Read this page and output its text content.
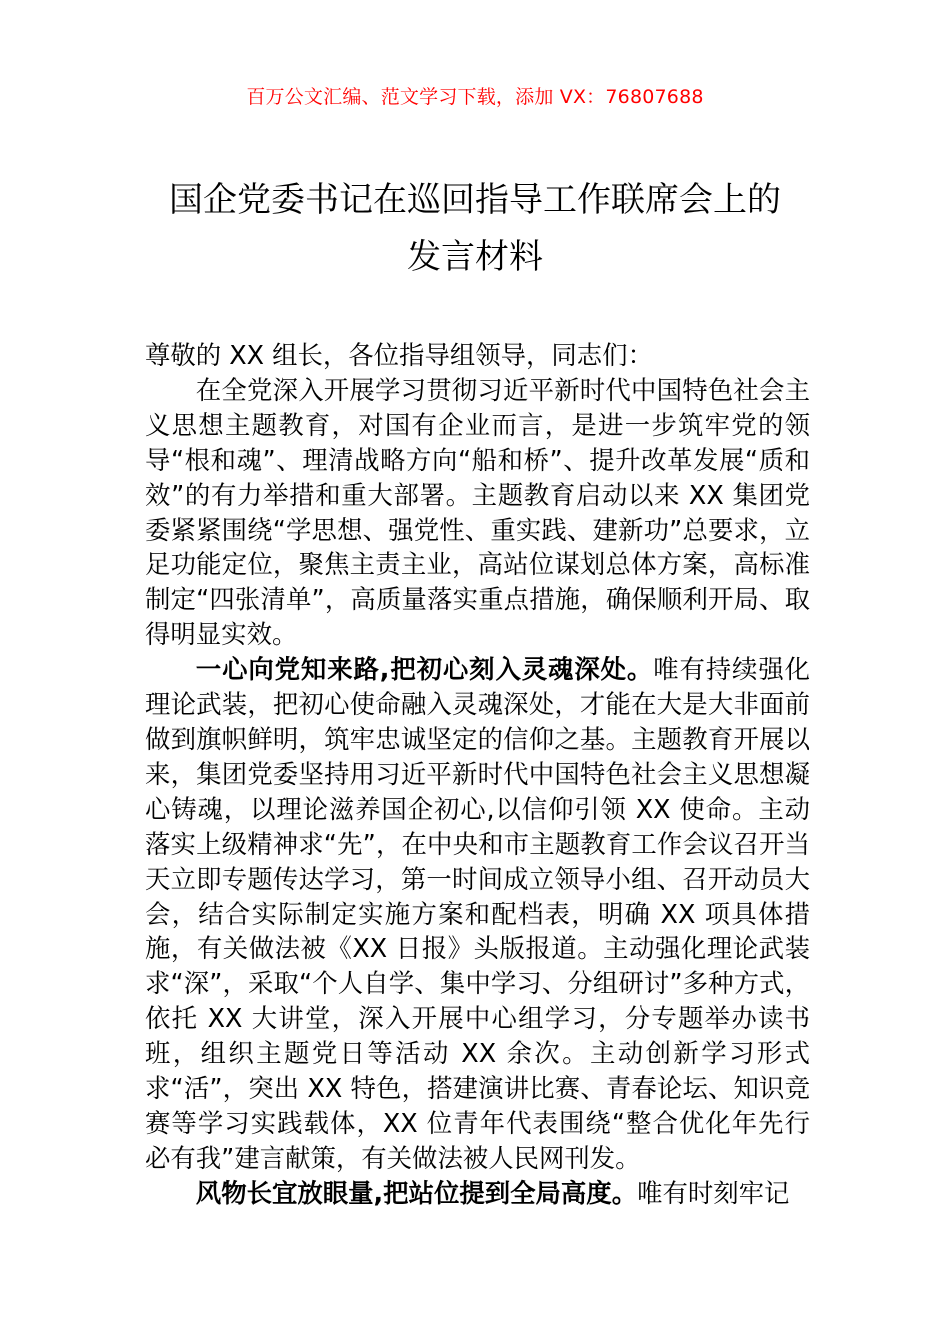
百万公文汇编、范文学习下载，添加 VX：76807688
国企党委书记在巡回指导工作联席会上的
发言材料

尊敬的 XX 组长，各位指导组领导，同志们：

在全党深入开展学习贯彻习近平新时代中国特色社会主义思想主题教育，对国有企业而言，是进一步筑牢党的领导“根和魂”、理清战略方向“船和桥”、提升改革发展“质和效”的有力举措和重大部署。主题教育启动以来 XX 集团党委紧紧围绕“学思想、强党性、重实践、建新功”总要求，立足功能定位，聚焦主责主业，高站位谋划总体方案，高标准制定“四张清单”，高质量落实重点措施，确保顺利开局、取得明显实效。

一心向党知来路,把初心刻入灵魂深处。唯有持续强化理论武装，把初心使命融入灵魂深处，才能在大是大非面前做到旗帜鲜明，筑牢忠诚坚定的信仰之基。主题教育开展以来，集团党委坚持用习近平新时代中国特色社会主义思想凝心铸魂，以理论滋养国企初心,以信仰引领 XX 使命。主动落实上级精神求“先”，在中央和市主题教育工作会议召开当天立即专题传达学习，第一时间成立领导小组、召开动员大会，结合实际制定实施方案和配档表，明确 XX 项具体措施，有关做法被《XX 日报》头版报道。主动强化理论武装求“深”，采取“个人自学、集中学习、分组研讨”多种方式，依托 XX 大讲堂，深入开展中心组学习，分专题举办读书班，组织主题党日等活动 XX 余次。主动创新学习形式求“活”，突出 XX 特色，搭建演讲比赛、青春论坛、知识竞赛等学习实践载体，XX 位青年代表围绕“整合优化年先行必有我”建言献策，有关做法被人民网刊发。

风物长宜放眼量,把站位提到全局高度。唯有时刻牢记
